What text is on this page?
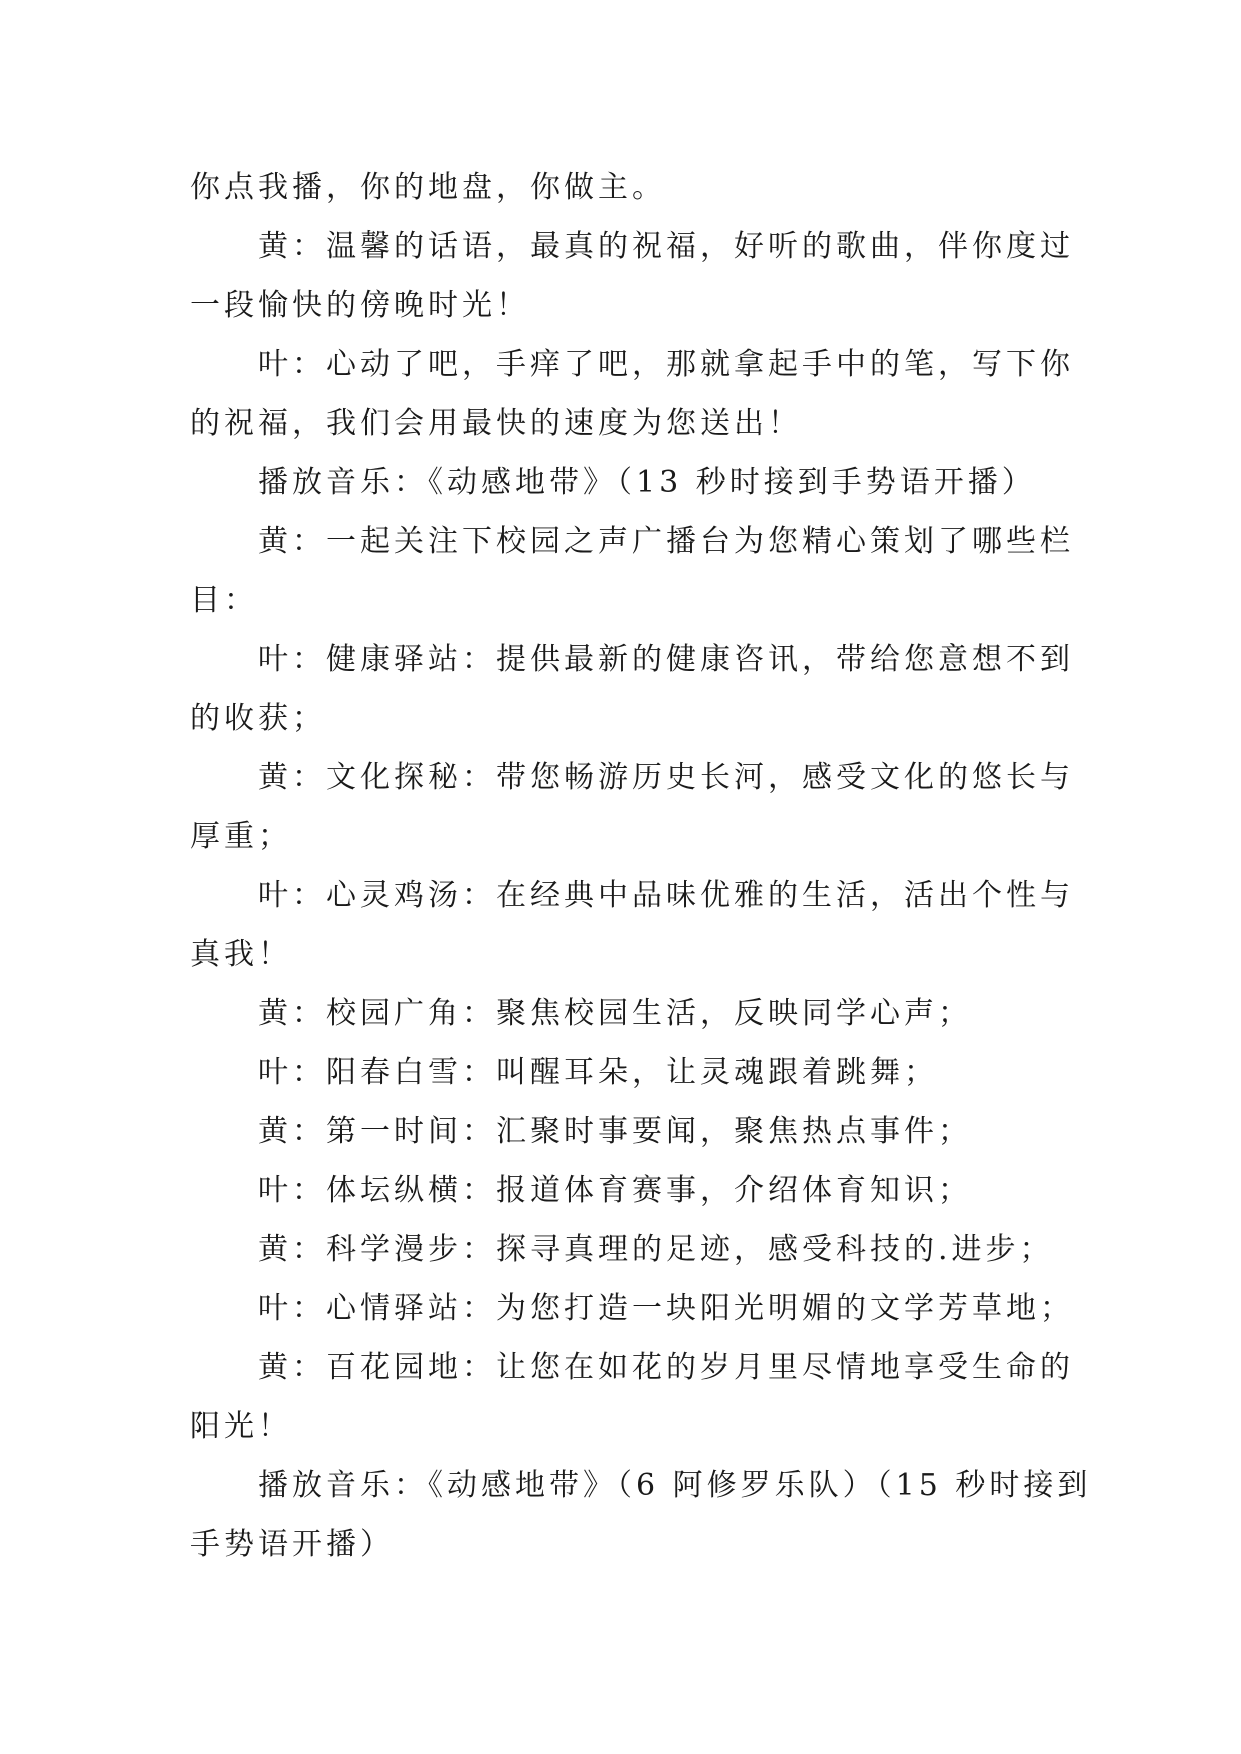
你点我播，你的地盘，你做主。
黄：温馨的话语，最真的祝福，好听的歌曲，伴你度过
一段愉快的傍晚时光！
叶：心动了吧，手痒了吧，那就拿起手中的笔，写下你
的祝福，我们会用最快的速度为您送出！
播放音乐：《动感地带》（13 秒时接到手势语开播）
黄：一起关注下校园之声广播台为您精心策划了哪些栏
目：
叶：健康驿站：提供最新的健康咨讯，带给您意想不到
的收获；
黄：文化探秘：带您畅游历史长河，感受文化的悠长与
厚重；
叶：心灵鸡汤：在经典中品味优雅的生活，活出个性与
真我！
黄：校园广角：聚焦校园生活，反映同学心声；
叶：阳春白雪：叫醒耳朵，让灵魂跟着跳舞；
黄：第一时间：汇聚时事要闻，聚焦热点事件；
叶：体坛纵横：报道体育赛事，介绍体育知识；
黄：科学漫步：探寻真理的足迹，感受科技的.进步；
叶：心情驿站：为您打造一块阳光明媚的文学芳草地；
黄：百花园地：让您在如花的岁月里尽情地享受生命的
阳光！
播放音乐：《动感地带》（6 阿修罗乐队）（15 秒时接到
手势语开播）
